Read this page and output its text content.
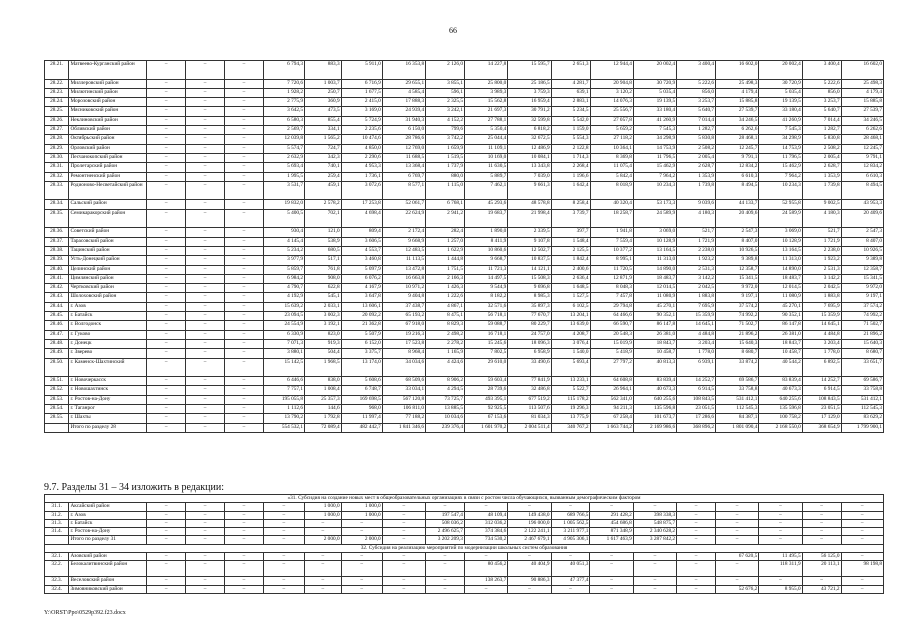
66
28.21.	Матвеево-Курганский район	–	–	–	6 794,3	883,3	5 911,0	16 353,8	2 126,0	14 227,8	15 595,7	2 651,3	12 944,4	20 002,4	3 400,4	16 602,0	20 002,4	3 400,4	16 602,0
28.22.	Миллеровский район	–	–	–	7 720,6	1 003,7	6 716,9	29 655,1	3 855,1	25 800,0	25 186,5	4 281,7	20 904,8	30 720,9	5 222,6	25 498,3	30 720,9	5 222,6	25 498,3
28.23.	Милютинский район	–	–	–	1 928,2	250,7	1 677,5	4 585,4	596,1	3 989,3	3 759,3	639,1	3 120,2	5 035,4	856,0	4 179,4	5 035,4	856,0	4 179,4
28.24.	Морозовский район	–	–	–	2 775,9	360,9	2 415,0	17 888,3	2 325,5	15 562,8	16 959,4	2 883,1	14 076,3	19 139,5	3 253,7	15 885,8	19 139,5	3 253,7	15 885,8
28.25.	Мясниковский район	–	–	–	3 642,5	473,5	3 169,0	24 939,4	3 242,1	21 697,3	30 791,2	5 234,5	25 556,7	33 180,4	5 640,7	27 539,7	33 180,4	5 640,7	27 539,7
28.26.	Неклиновский район	–	–	–	6 580,3	855,4	5 724,9	31 940,3	4 152,2	27 788,1	32 599,8	5 542,0	27 057,8	41 260,9	7 014,4	34 246,5	41 260,9	7 014,4	34 246,5
28.27.	Обливский район	–	–	–	2 569,7	334,1	2 235,6	6 150,0	799,6	5 350,4	6 818,2	1 159,0	5 659,2	7 545,3	1 282,7	6 262,6	7 545,3	1 282,7	6 262,6
28.28.	Октябрьский район	–	–	–	12 039,8	1 565,2	10 474,6	28 786,6	3 742,2	25 044,4	32 672,5	5 554,3	27 118,2	34 298,9	5 830,8	28 468,1	34 298,9	5 830,8	28 468,1
28.29.	Орловский район	–	–	–	5 574,7	724,7	4 850,0	12 769,0	1 659,9	11 109,1	12 486,9	2 122,8	10 364,1	14 753,9	2 508,2	12 245,7	14 753,9	2 508,2	12 245,7
28.30.	Песчанокопский район	–	–	–	2 632,9	342,3	2 290,6	11 688,5	1 519,5	10 169,0	10 084,1	1 714,3	8 369,8	11 796,5	2 005,4	9 791,1	11 796,5	2 005,4	9 791,1
28.31.	Пролетарский район	–	–	–	5 693,4	740,1	4 953,3	13 368,4	1 737,9	11 630,5	13 343,8	2 268,4	11 075,4	15 462,9	2 628,7	12 834,2	15 462,9	2 628,7	12 834,2
28.32.	Ремонтненский район	–	–	–	1 995,5	259,4	1 736,1	6 769,7	880,0	5 889,7	7 039,0	1 196,6	5 842,4	7 964,2	1 353,9	6 610,3	7 964,2	1 353,9	6 610,3
28.33.	Родионово-Несветайский район	–	–	–	3 531,7	459,1	3 072,6	8 577,1	1 115,0	7 462,1	9 661,3	1 642,4	8 018,9	10 234,3	1 739,8	8 494,5	10 234,3	1 739,8	8 494,5
28.34.	Сальский район	–	–	–	19 832,0	2 578,2	17 253,8	52 061,7	6 768,1	45 293,6	48 578,8	8 258,4	40 320,4	53 173,3	9 039,6	44 133,7	52 955,8	9 002,5	43 953,3
28.35.	Семикаракорский район	–	–	–	5 400,5	702,1	4 698,4	22 624,9	2 941,2	19 683,7	21 998,4	3 739,7	18 258,7	24 589,9	4 180,3	20 409,6	24 589,9	4 180,3	20 409,6
28.36.	Советский район	–	–	–	930,4	121,0	809,4	2 172,4	282,4	1 890,0	2 339,5	397,7	1 941,8	3 069,0	521,7	2 547,3	3 069,0	521,7	2 547,3
28.37.	Тарасовский район	–	–	–	4 145,4	538,9	3 606,5	9 668,9	1 257,0	8 411,9	9 107,8	1 548,4	7 559,4	10 128,9	1 721,9	8 407,0	10 128,9	1 721,9	8 407,0
28.38.	Тацинский район	–	–	–	5 234,2	680,5	4 553,7	12 483,5	1 622,9	10 860,6	12 502,7	2 125,5	10 377,2	13 164,5	2 238,0	10 926,5	13 164,5	2 238,0	10 926,5
28.39.	Усть-Донецкий район	–	–	–	3 977,9	517,1	3 460,8	11 113,5	1 444,8	9 668,7	10 837,5	1 842,4	8 995,1	11 313,0	1 923,2	9 389,8	11 313,0	1 923,2	9 389,8
28.40.	Целинский район	–	–	–	5 859,7	761,8	5 097,9	13 472,8	1 751,5	11 721,3	14 121,1	2 400,6	11 720,5	14 890,0	2 531,3	12 358,7	14 890,0	2 531,3	12 358,7
28.41.	Цимлянский район	–	–	–	6 984,2	908,0	6 076,2	16 663,8	2 166,3	14 497,5	15 508,3	2 636,4	12 871,9	18 483,7	3 142,2	15 341,5	18 483,7	3 142,2	15 341,5
28.42.	Чертковский район	–	–	–	4 790,7	622,8	4 167,9	10 971,2	1 426,3	9 544,9	9 696,8	1 648,5	8 048,3	12 014,5	2 042,5	9 972,0	12 014,5	2 042,5	9 972,0
28.43.	Шолоховский район	–	–	–	4 192,9	545,1	3 647,8	9 404,8	1 222,6	8 182,2	8 985,3	1 527,5	7 457,8	11 080,9	1 883,8	9 197,1	11 080,9	1 883,8	9 197,1
28.44.	г. Азов	–	–	–	15 639,2	2 033,1	13 606,1	37 438,7	4 867,1	32 571,6	35 897,3	6 102,5	29 794,8	45 270,1	7 695,9	37 574,2	45 270,1	7 695,9	37 574,2
28.45.	г. Батайск	–	–	–	23 094,5	3 002,3	20 092,2	65 193,2	8 475,1	56 718,1	77 670,7	13 204,1	64 466,6	90 352,1	15 359,9	74 992,2	90 352,1	15 359,9	74 992,2
28.46.	г. Волгодонск	–	–	–	24 554,9	3 192,1	21 362,8	67 918,0	8 829,3	59 088,7	80 229,7	13 639,0	66 590,7	86 147,8	14 645,1	71 502,7	86 147,8	14 645,1	71 502,7
28.47.	г. Гуково	–	–	–	6 330,9	823,0	5 507,9	19 216,3	2 498,2	16 718,1	24 757,0	4 208,7	20 548,3	26 381,0	4 484,8	21 896,2	26 381,0	4 484,8	21 896,2
28.48.	г. Донецк	–	–	–	7 071,3	919,3	6 152,0	17 523,8	2 278,2	15 245,6	18 096,3	3 076,4	15 019,9	18 843,7	3 203,4	15 640,3	18 843,7	3 203,4	15 640,3
28.49.	г. Зверево	–	–	–	3 880,1	504,4	3 375,7	8 968,4	1 165,9	7 802,5	6 958,9	1 540,0	5 418,9	10 458,7	1 778,0	8 680,7	10 458,7	1 778,0	8 680,7
28.50.	г. Каменск-Шахтинский	–	–	–	15 142,5	1 968,5	13 174,0	34 034,6	4 424,6	29 610,0	33 490,6	5 693,4	27 797,2	40 813,3	6 939,1	33 874,2	40 544,2	6 892,5	33 651,7
28.51.	г. Новочеркасск	–	–	–	6 446,6	838,0	5 608,6	68 509,6	8 906,2	59 603,4	77 841,9	13 233,1	64 608,8	83 839,4	14 252,7	69 586,7	83 839,4	14 252,7	69 586,7
28.52.	г. Новошахтинск	–	–	–	7 757,1	1 008,4	6 748,7	33 034,1	4 294,5	28 739,6	32 486,8	5 522,7	26 964,1	40 673,3	6 914,5	33 758,8	40 673,3	6 914,5	33 758,8
28.53.	г. Ростов-на-Дону	–	–	–	195 055,8	25 357,3	169 698,5	567 120,8	73 725,7	493 395,1	677 519,2	115 178,2	562 341,0	640 255,6	108 843,5	531 412,1	640 255,6	108 843,5	531 412,1
28.54.	г. Таганрог	–	–	–	1 112,6	144,6	968,0	106 811,0	13 885,5	92 925,5	113 507,6	19 296,3	94 211,3	135 596,8	23 051,5	112 545,3	135 596,8	23 051,5	112 545,3
28.55.	г. Шахты	–	–	–	13 790,2	1 792,8	11 997,4	77 188,2	10 034,6	67 153,6	81 034,3	13 775,9	67 258,4	101 673,7	17 286,6	84 387,1	100 758,2	17 129,0	83 629,2
	Итого по разделу 28	–	–	–	554 532,1	72 089,4	482 442,7	1 841 346,6	239 376,4	1 601 970,2	2 004 511,4	340 767,2	1 663 744,2	2 169 986,6	368 896,2	1 801 090,4	2 168 550,0	368 654,9	1 799 900,1
9.7. Разделы 31 – 34 изложить в редакции:
«31. Субсидия на создание новых мест в общеобразовательных организациях в связи с ростом числа обучающихся, вызванным демографическим фактором																			
31.1.	Аксайский район	–	–	–	–	1 000,0	1 000,0	–	–	–	–	–	–	–	–	–	–	–	–
31.2.	г. Азов	–	–	–	–	1 000,0	1 000,0	–	197 547,4	48 109,4	149 438,0	689 766,5	291 428,2	398 338,3	–	–	–	–	–
31.3.	г. Батайск	–	–	–	–	–	–	–	508 036,2	312 036,2	196 000,0	1 005 562,5	454 686,8	548 875,7	–	–	–	–	–
31.4.	г. Ростов-на-Дону	–	–	–	–	–	–	–	2 496 625,7	374 384,6	2 122 241,1	3 211 977,1	871 348,9	2 340 628,2	–	–	–	–	–
	Итого по разделу 31	–	–	–	–	2 000,0	2 000,0	–	3 202 209,3	734 530,2	2 467 679,1	4 905 306,1	1 617 463,9	3 287 842,2	–	–	–	–	–
32. Субсидия на реализацию мероприятий по модернизации школьных систем образования																			
32.1.	Азовский район	–	–	–	–	–	–	–	–	–	–	–	–	–	–	67 620,5	11 495,5	56 125,0	–
32.2.	Белокалитвинский район	–	–	–	–	–	–	–	–	80 456,2	40 404,9	40 051,3	–	–	–	–	118 311,9	20 113,1	98 198,8
32.3.	Веселовский район	–	–	–	–	–	–	–	–	138 263,7	90 886,3	47 377,4	–	–	–	–	–	–	–
32.4.	Зимовниковский район	–	–	–	–	–	–	–	–	–	–	–	–	–	–	52 676,2	8 955,0	43 721,2	–
Y:\ORST\Ppo\0529p392.f23.docx
